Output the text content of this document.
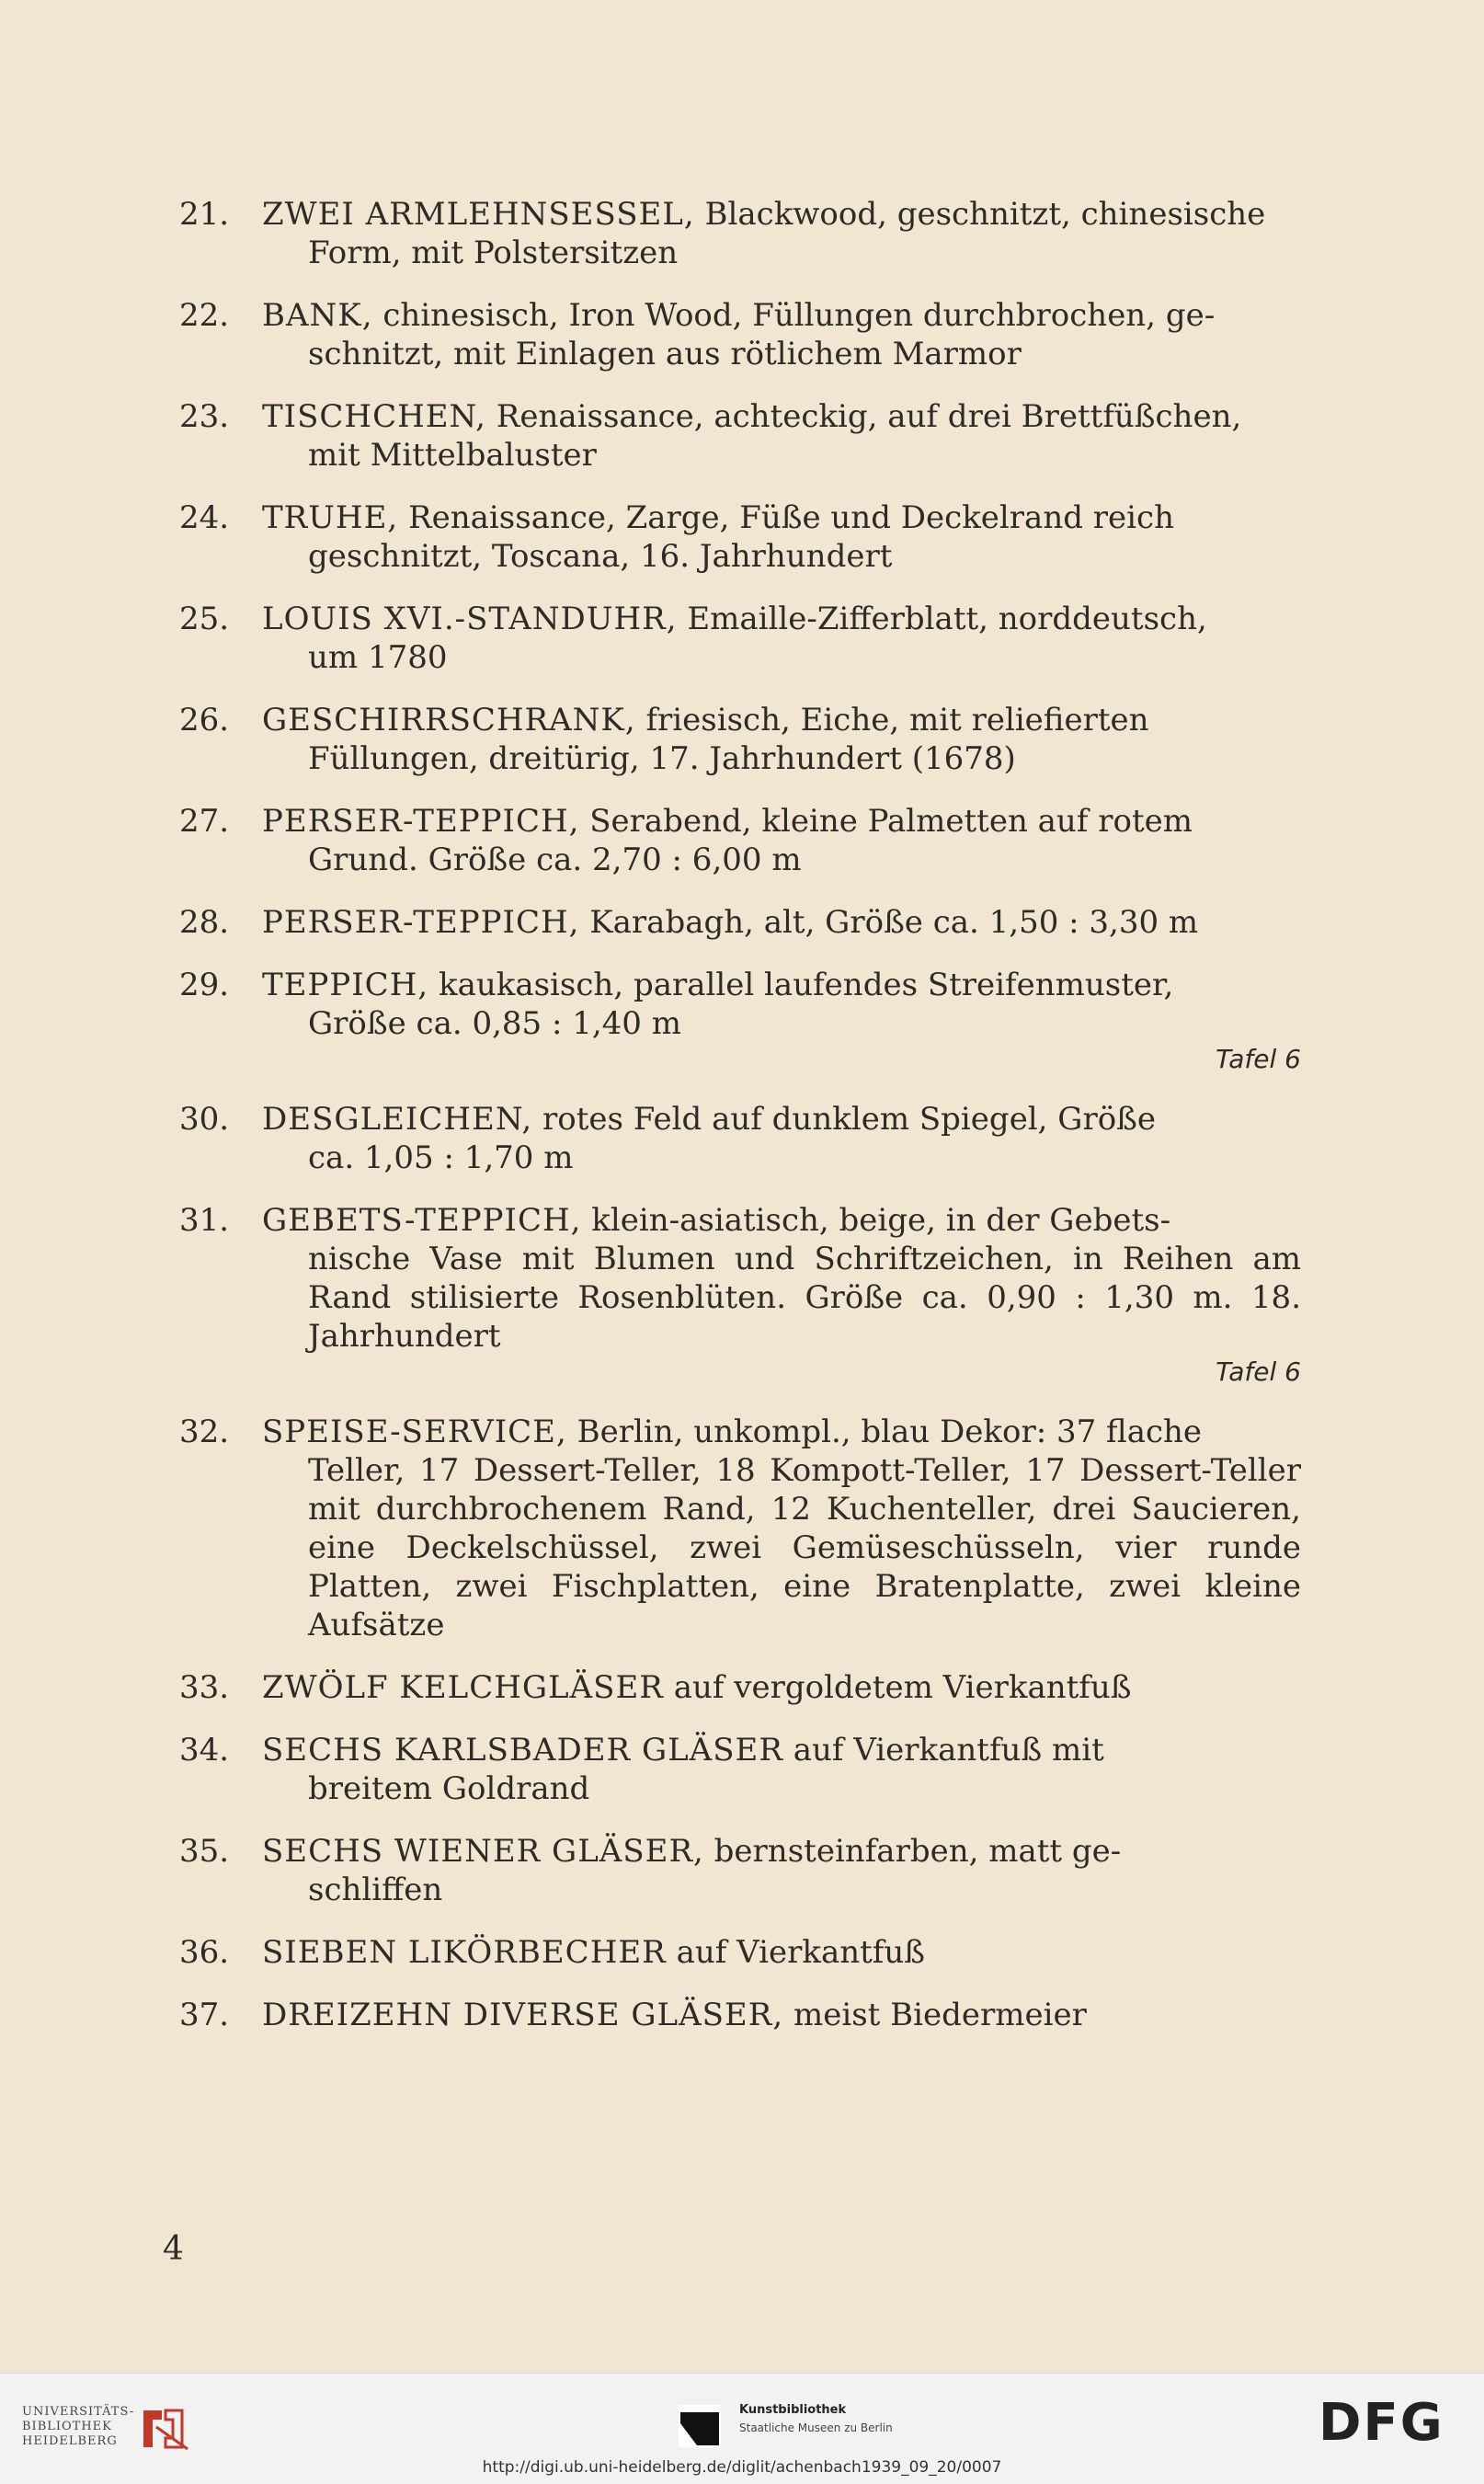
21.	ZWEI ARMLEHNSESSEL, Blackwood, geschnitzt, chinesische
Form, mit Polstersitzen
22.	BANK, chinesisch, Iron Wood, Füllungen durchbrochen, ge-
schnitzt, mit Einlagen aus rötlichem Marmor
23.	TISCHCHEN, Renaissance, achteckig, auf drei Brettfüßchen,
mit Mittelbaluster
24.	TRUHE, Renaissance, Zarge, Füße und Deckelrand reich
geschnitzt, Toscana, 16. Jahrhundert
25.	LOUIS XVI.-STANDUHR, Emaille-Zifferblatt, norddeutsch,
um 1780
26.	GESCHIRRSCHRANK, friesisch, Eiche, mit reliefierten
Füllungen, dreitürig, 17. Jahrhundert (1678)
27.	PERSER-TEPPICH, Serabend, kleine Palmetten auf rotem
Grund. Größe ca. 2,70 : 6,00 m
28.	PERSER-TEPPICH, Karabagh, alt, Größe ca. 1,50 : 3,30 m
29.	TEPPICH, kaukasisch, parallel laufendes Streifenmuster,
Größe ca. 0,85 : 1,40 m
Tafel 6
30.	DESGLEICHEN, rotes Feld auf dunklem Spiegel, Größe
ca. 1,05 : 1,70 m
31.	GEBETS-TEPPICH, klein-asiatisch, beige, in der Gebets-
nische Vase mit Blumen und Schriftzeichen, in Reihen am Rand stilisierte Rosenblüten. Größe ca. 0,90 : 1,30 m. 18. Jahrhundert
Tafel 6
32.	SPEISE-SERVICE, Berlin, unkompl., blau Dekor: 37 flache
Teller, 17 Dessert-Teller, 18 Kompott-Teller, 17 Dessert-Teller mit durchbrochenem Rand, 12 Kuchenteller, drei Saucieren, eine Deckelschüssel, zwei Gemüseschüsseln, vier runde Platten, zwei Fischplatten, eine Bratenplatte, zwei kleine Aufsätze
33.	ZWÖLF KELCHGLÄSER auf vergoldetem Vierkantfuß
34.	SECHS KARLSBADER GLÄSER auf Vierkantfuß mit
breitem Goldrand
35.	SECHS WIENER GLÄSER, bernsteinfarben, matt ge-
schliffen
36.	SIEBEN LIKÖRBECHER auf Vierkantfuß
37.	DREIZEHN DIVERSE GLÄSER, meist Biedermeier
4
UNIVERSITÄTS-
BIBLIOTHEK
HEIDELBERG
Kunstbibliothek
Staatliche Museen zu Berlin	DFG
http://digi.ub.uni-heidelberg.de/diglit/achenbach1939_09_20/0007
